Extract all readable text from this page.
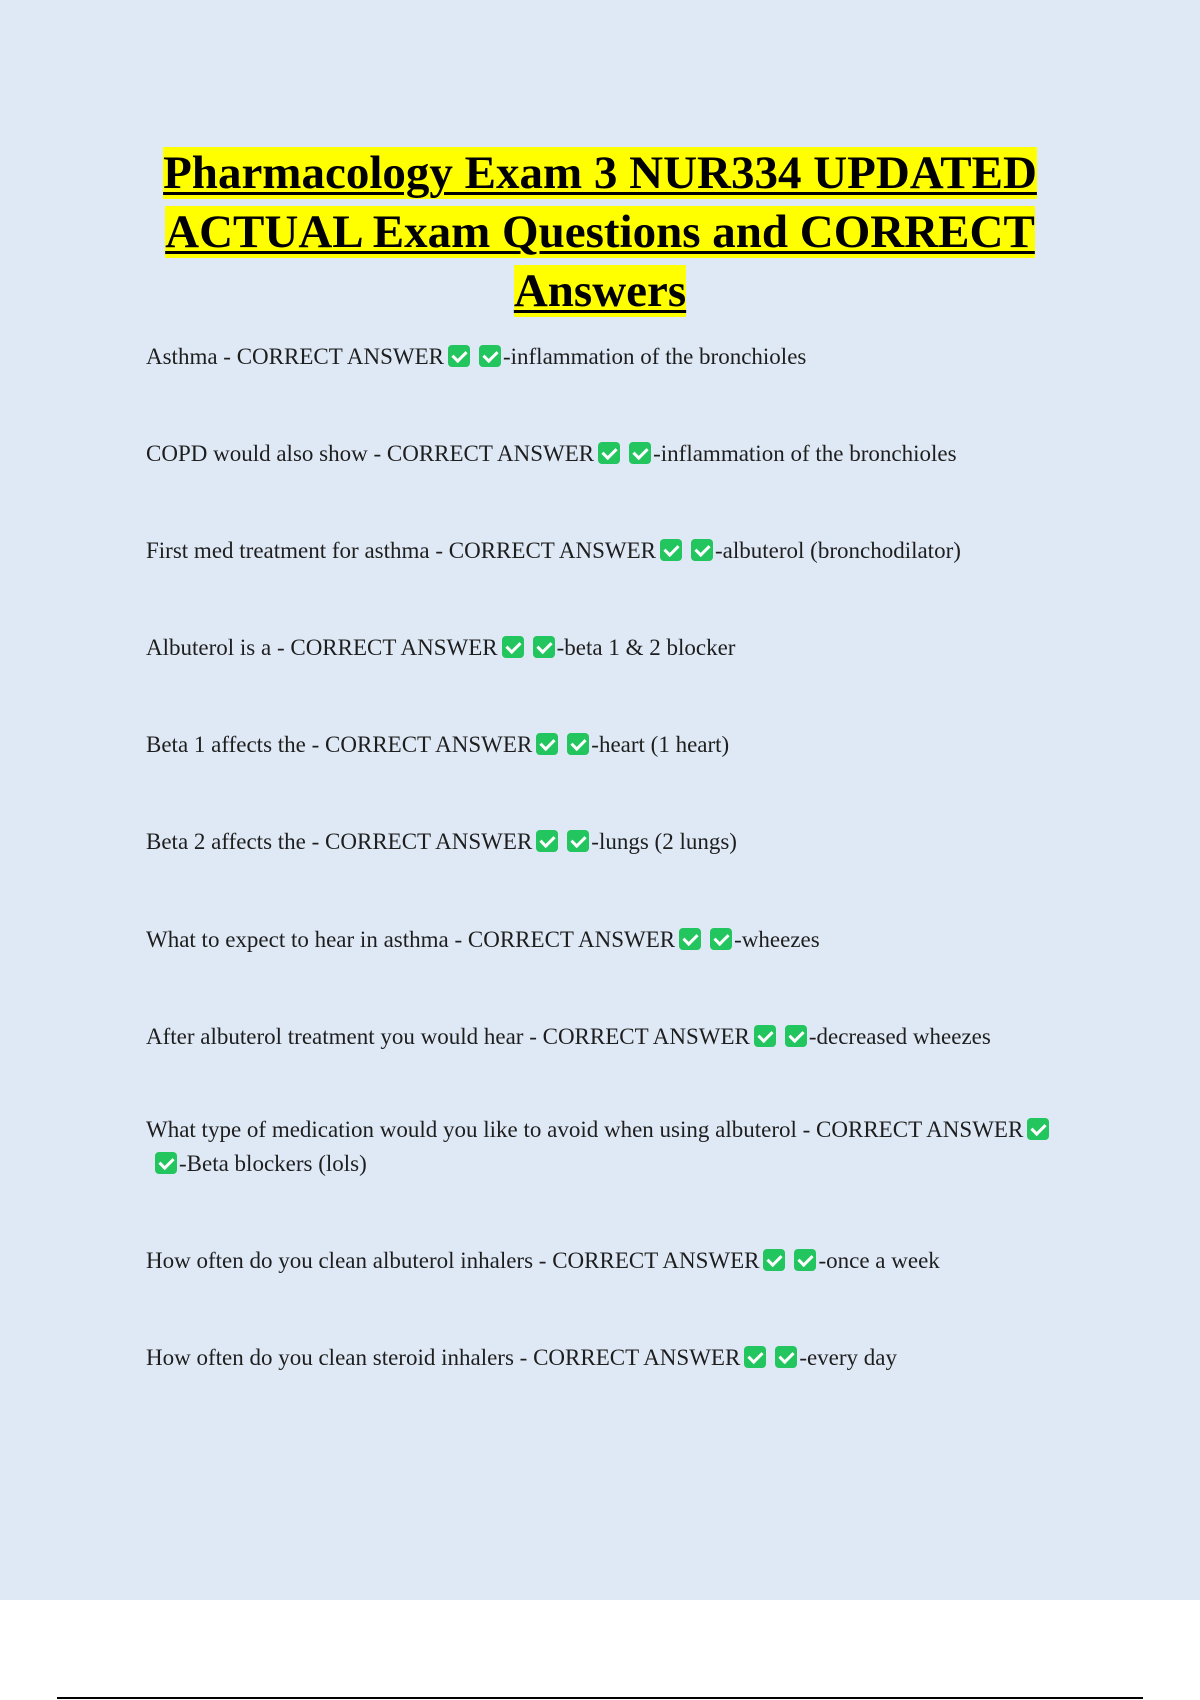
Pharmacology Exam 3 NUR334 UPDATED ACTUAL Exam Questions and CORRECT Answers

Asthma - CORRECT ANSWER	-inflammation of the bronchioles

COPD would also show - CORRECT ANSWER	-inflammation of the bronchioles

First med treatment for asthma - CORRECT ANSWER	-albuterol (bronchodilator)

Albuterol is a - CORRECT ANSWER	-beta 1 & 2 blocker

Beta 1 affects the - CORRECT ANSWER	-heart (1 heart)

Beta 2 affects the - CORRECT ANSWER	-lungs (2 lungs)

What to expect to hear in asthma - CORRECT ANSWER	-wheezes

After albuterol treatment you would hear - CORRECT ANSWER	-decreased wheezes

What type of medication would you like to avoid when using albuterol - CORRECT ANSWER-Beta blockers (lols)

How often do you clean albuterol inhalers - CORRECT ANSWER	-once a week

How often do you clean steroid inhalers - CORRECT ANSWER	-every day
